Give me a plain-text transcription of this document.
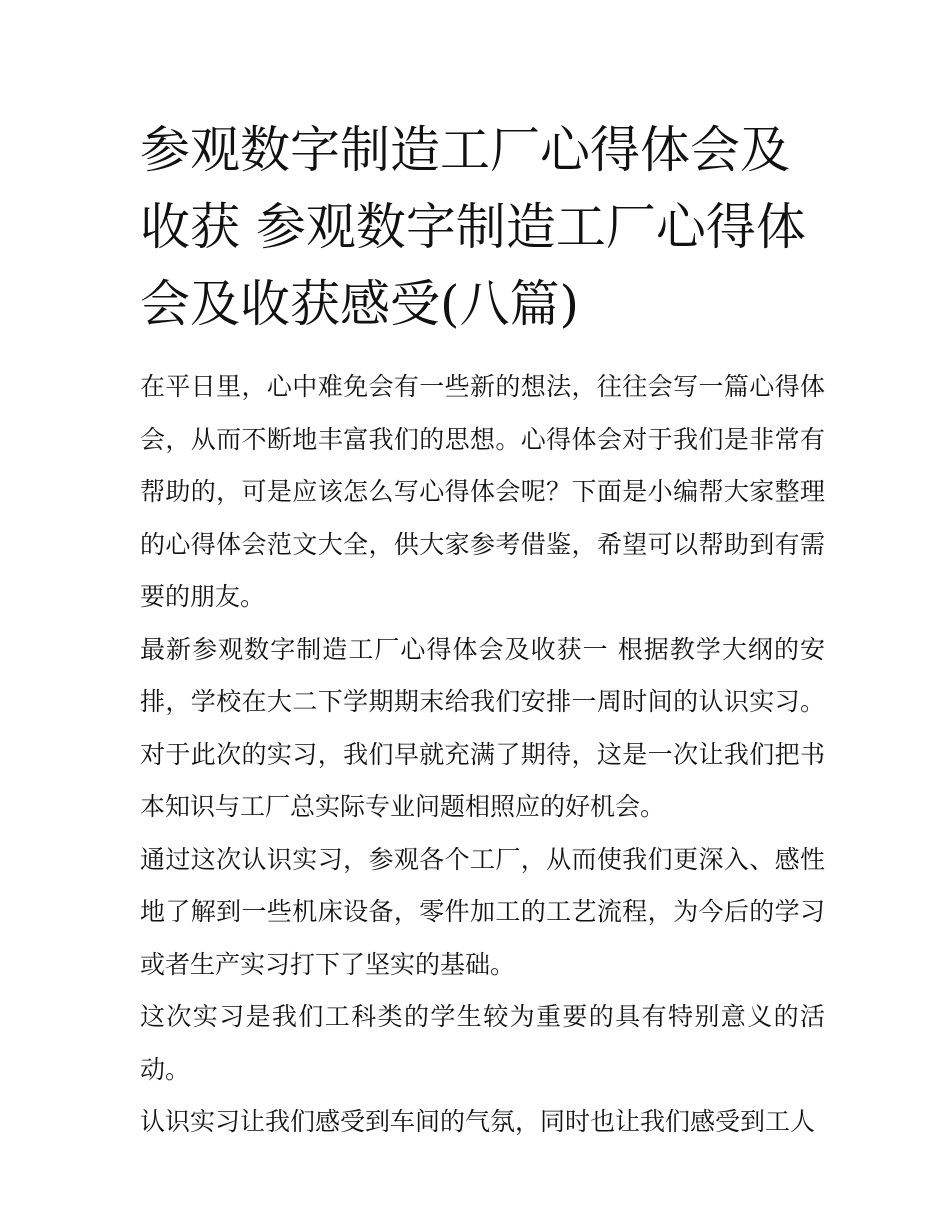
参观数字制造工厂心得体会及收获 参观数字制造工厂心得体会及收获感受(八篇)

在平日里，心中难免会有一些新的想法，往往会写一篇心得体会，从而不断地丰富我们的思想。心得体会对于我们是非常有帮助的，可是应该怎么写心得体会呢？下面是小编帮大家整理的心得体会范文大全，供大家参考借鉴，希望可以帮助到有需要的朋友。

最新参观数字制造工厂心得体会及收获一 根据教学大纲的安排，学校在大二下学期期末给我们安排一周时间的认识实习。对于此次的实习，我们早就充满了期待，这是一次让我们把书本知识与工厂总实际专业问题相照应的好机会。

通过这次认识实习，参观各个工厂，从而使我们更深入、感性地了解到一些机床设备，零件加工的工艺流程，为今后的学习或者生产实习打下了坚实的基础。

这次实习是我们工科类的学生较为重要的具有特别意义的活动。

认识实习让我们感受到车间的气氛，同时也让我们感受到工人
